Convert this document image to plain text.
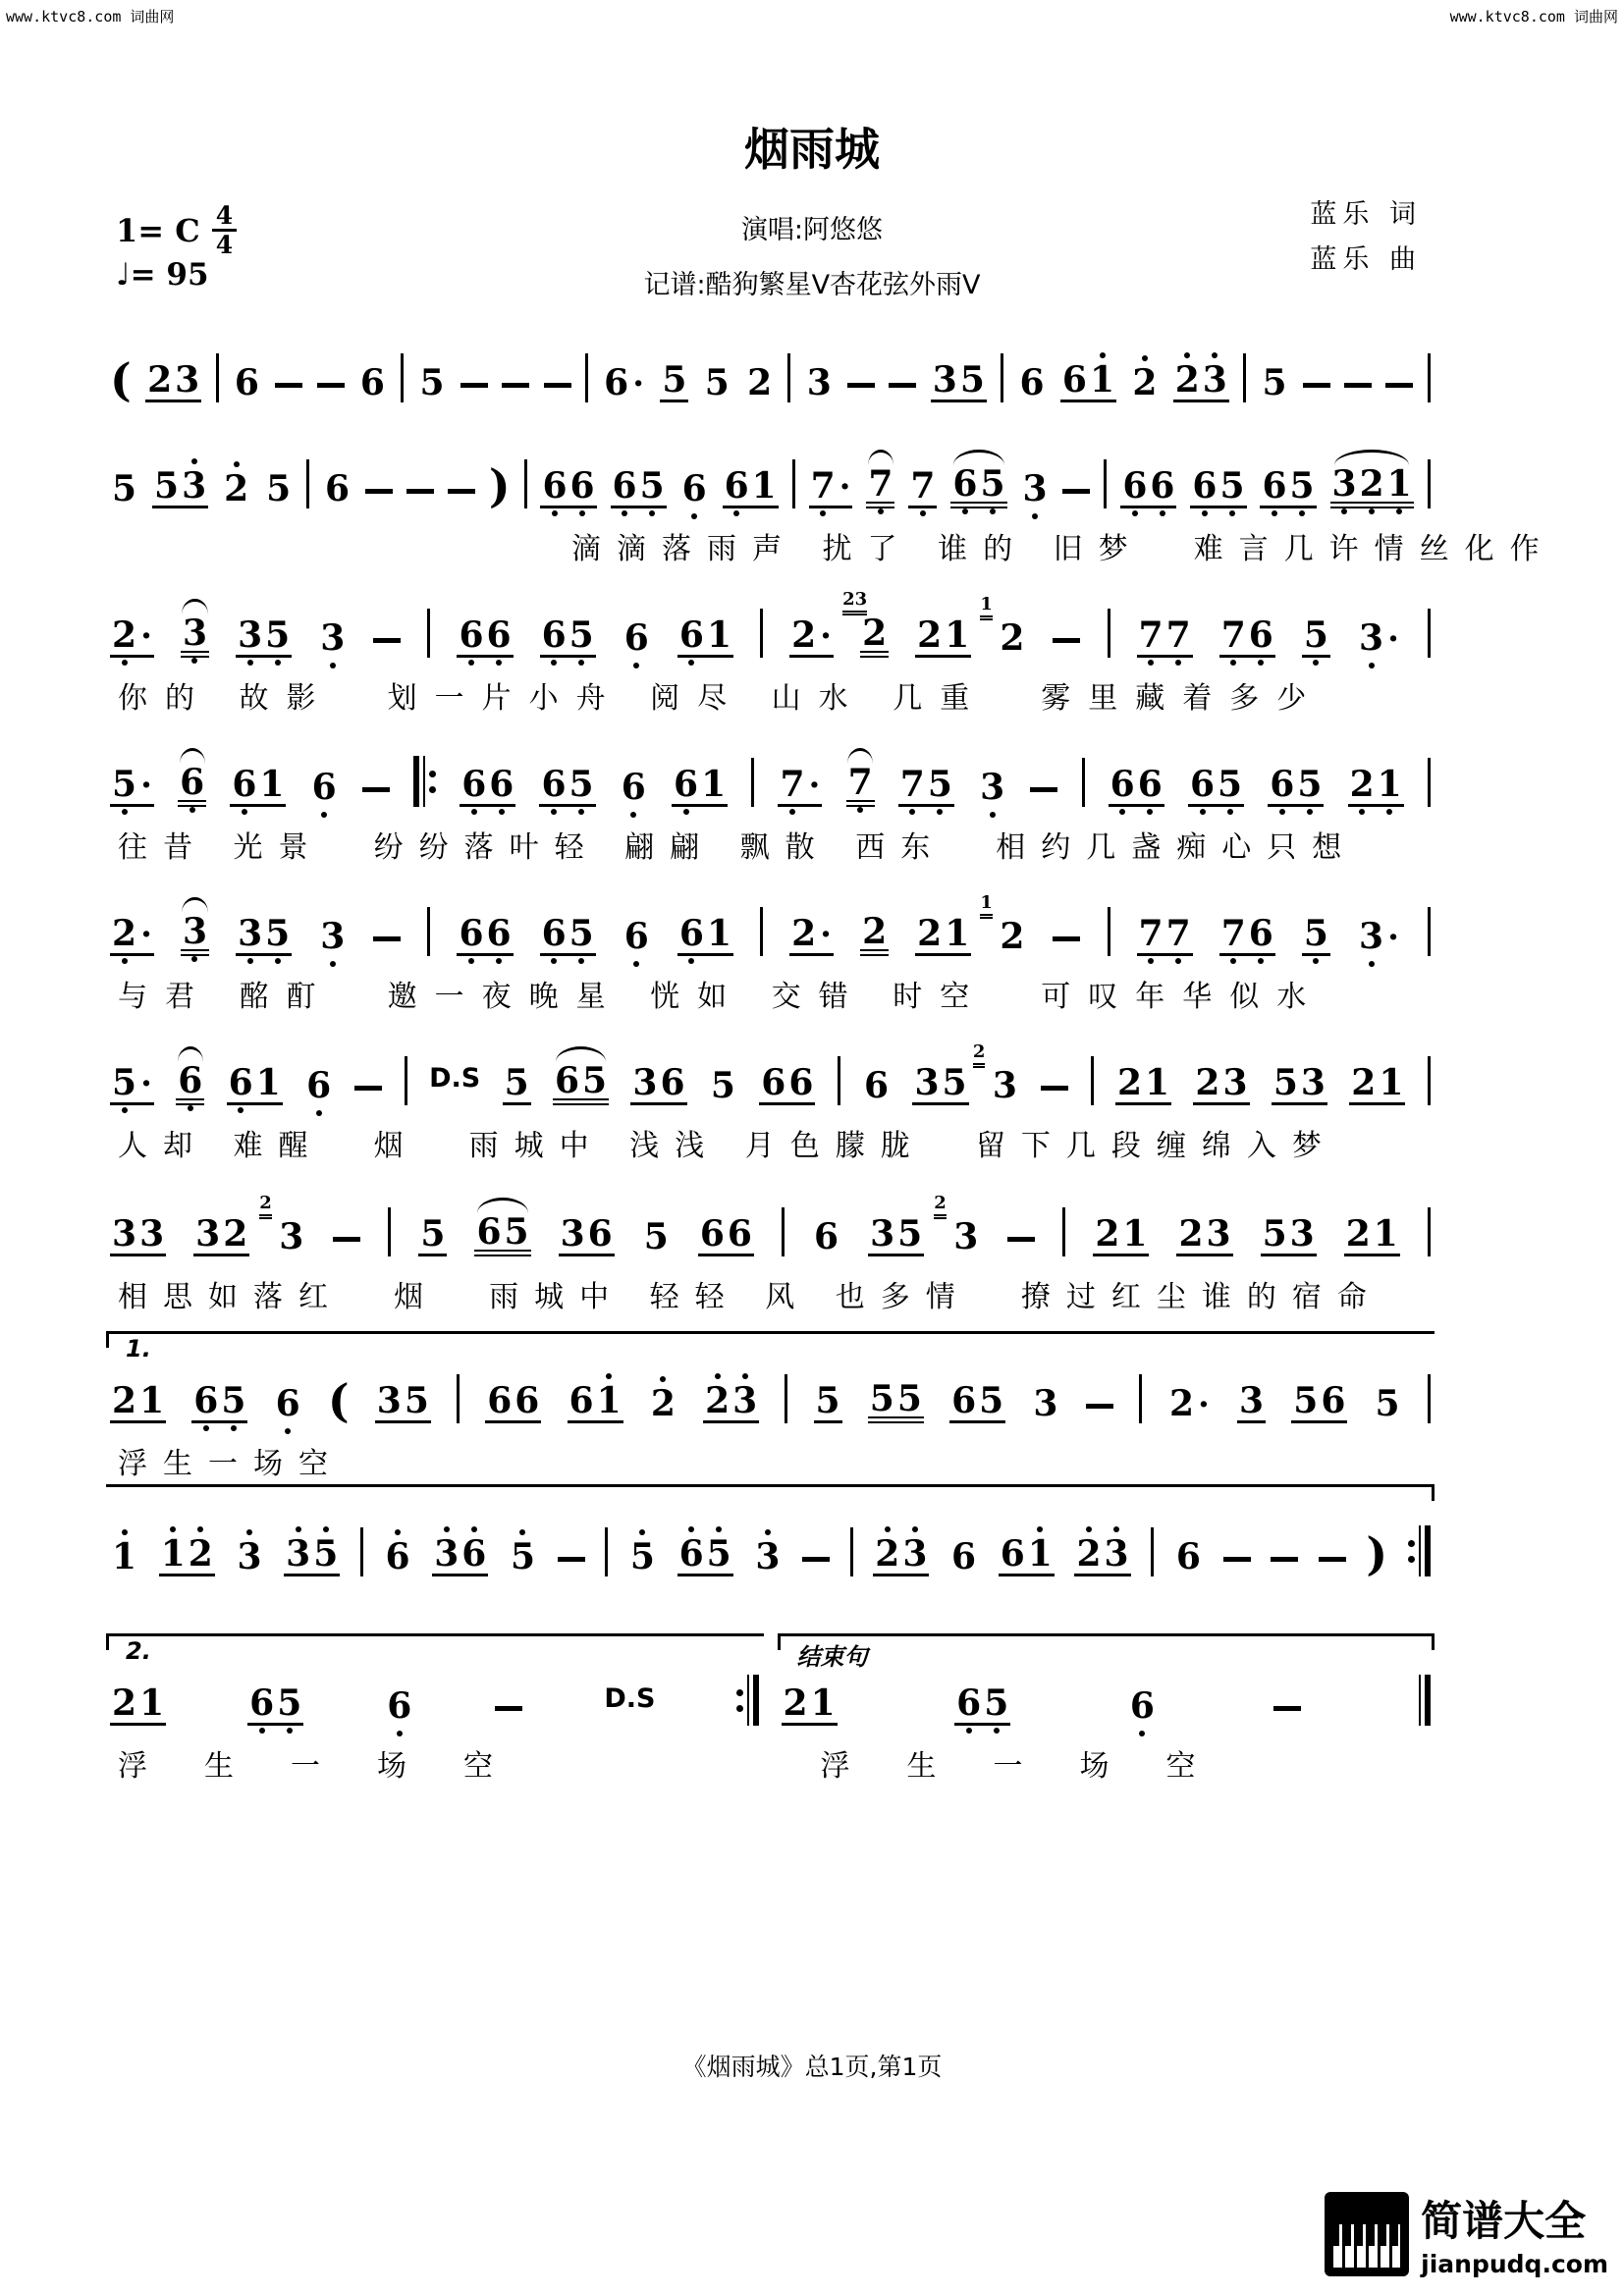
www.ktvc8.com 词曲网	www.ktvc8.com 词曲网
烟雨城
1= C 4
4
♩= 95
演唱:阿悠悠
记谱:酷狗繁星V杏花弦外雨V
蓝乐 词
蓝乐 曲
( 2 3 6	6 5	6 · 5 5 2 3	3 5 6 6 1 2 2 3 5
5 5 3 2 5 6	) 6 6 6 5 6 6 1 7 · 7 7 6 5 3 6 6 6 5 6 5 3 2 1
滴滴落雨声 扰了 谁的 旧梦  难言几许情丝化作
2 · 3 3 5 3	6 6 6 5 6 6 1 2 ·
23
2 2 1
1
2	7 7 7 6 5 3 ·
你的 故影  划一片小舟 阅尽 山水 几重  雾里藏着多少
5 · 6 6 1 6	6 6 6 5 6 6 1 7 · 7 7 5 3	6 6 6 5 6 5 2 1
往昔 光景  纷纷落叶轻 翩翩 飘散 西东  相约几盏痴心只想
2 · 3 3 5 3	6 6 6 5 6 6 1 2 · 2 2 1
1
2	7 7 7 6 5 3 ·
与君 酩酊  邀一夜晚星 恍如 交错 时空  可叹年华似水
5 · 6 6 1 6	D.S 5 6 5 3 6 5 6 6 6 3 5
2
3	2 1 2 3 5 3 2 1
人却 难醒  烟  雨城中 浅浅 月色朦胧  留下几段缠绵入梦
3 3 3 2
2
3	5 6 5 3 6 5 6 6 6 3 5
2
3	2 1 2 3 5 3 2 1
相思如落红  烟  雨城中 轻轻 风 也多情  撩过红尘谁的宿命
1.
2 1 6 5 6 ( 3 5 6 6 6 1 2 2 3 5 5 5 6 5 3	2 · 3 5 6 5
浮生一场空
1 1 2 3 3 5 6 3 6 5	5 6 5 3	2 3 6 6 1 2 3 6	)
2.
2 1 6 5 6	D.S
浮生一场空
结束句
2 1	6 5	6
浮生一场空
《烟雨城》总1页,第1页
简谱大全
jianpudq.com
